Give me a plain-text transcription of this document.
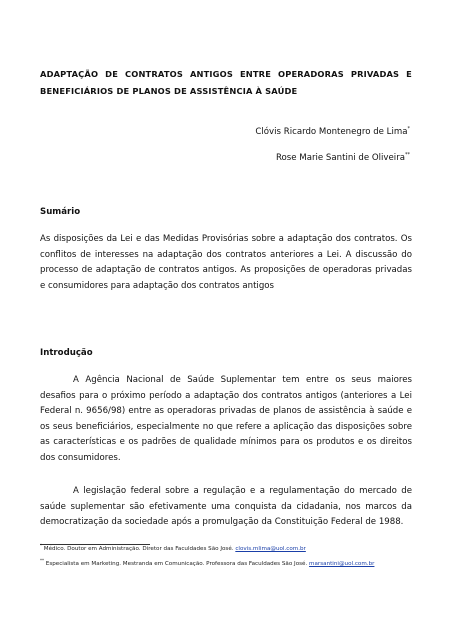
ADAPTAÇÃO DE CONTRATOS ANTIGOS ENTRE OPERADORAS PRIVADAS E BENEFICIÁRIOS DE PLANOS DE ASSISTÊNCIA À SAÚDE
Clóvis Ricardo Montenegro de Lima*
Rose Marie Santini de Oliveira**
Sumário

As disposições da Lei e das Medidas Provisórias sobre a adaptação dos contratos. Os conflitos de interesses na adaptação dos contratos anteriores a Lei. A discussão do processo de adaptação de contratos antigos. As proposições de operadoras privadas e consumidores para adaptação dos contratos antigos

Introdução

A Agência Nacional de Saúde Suplementar tem entre os seus maiores desafios para o próximo período a adaptação dos contratos antigos (anteriores a Lei Federal n. 9656/98) entre as operadoras privadas de planos de assistência à saúde e os seus beneficiários, especialmente no que refere a aplicação das disposições sobre as características e os padrões de qualidade mínimos para os produtos e os direitos dos consumidores.

A legislação federal sobre a regulação e a regulamentação do mercado de saúde suplementar são efetivamente uma conquista da cidadania, nos marcos da democratização da sociedade após a promulgação da Constituição Federal de 1988.

* Médico. Doutor em Administração. Diretor das Faculdades São José. clovis.mlima@uol.com.br
** Especialista em Marketing. Mestranda em Comunicação. Professora das Faculdades São José. marsantini@uol.com.br
